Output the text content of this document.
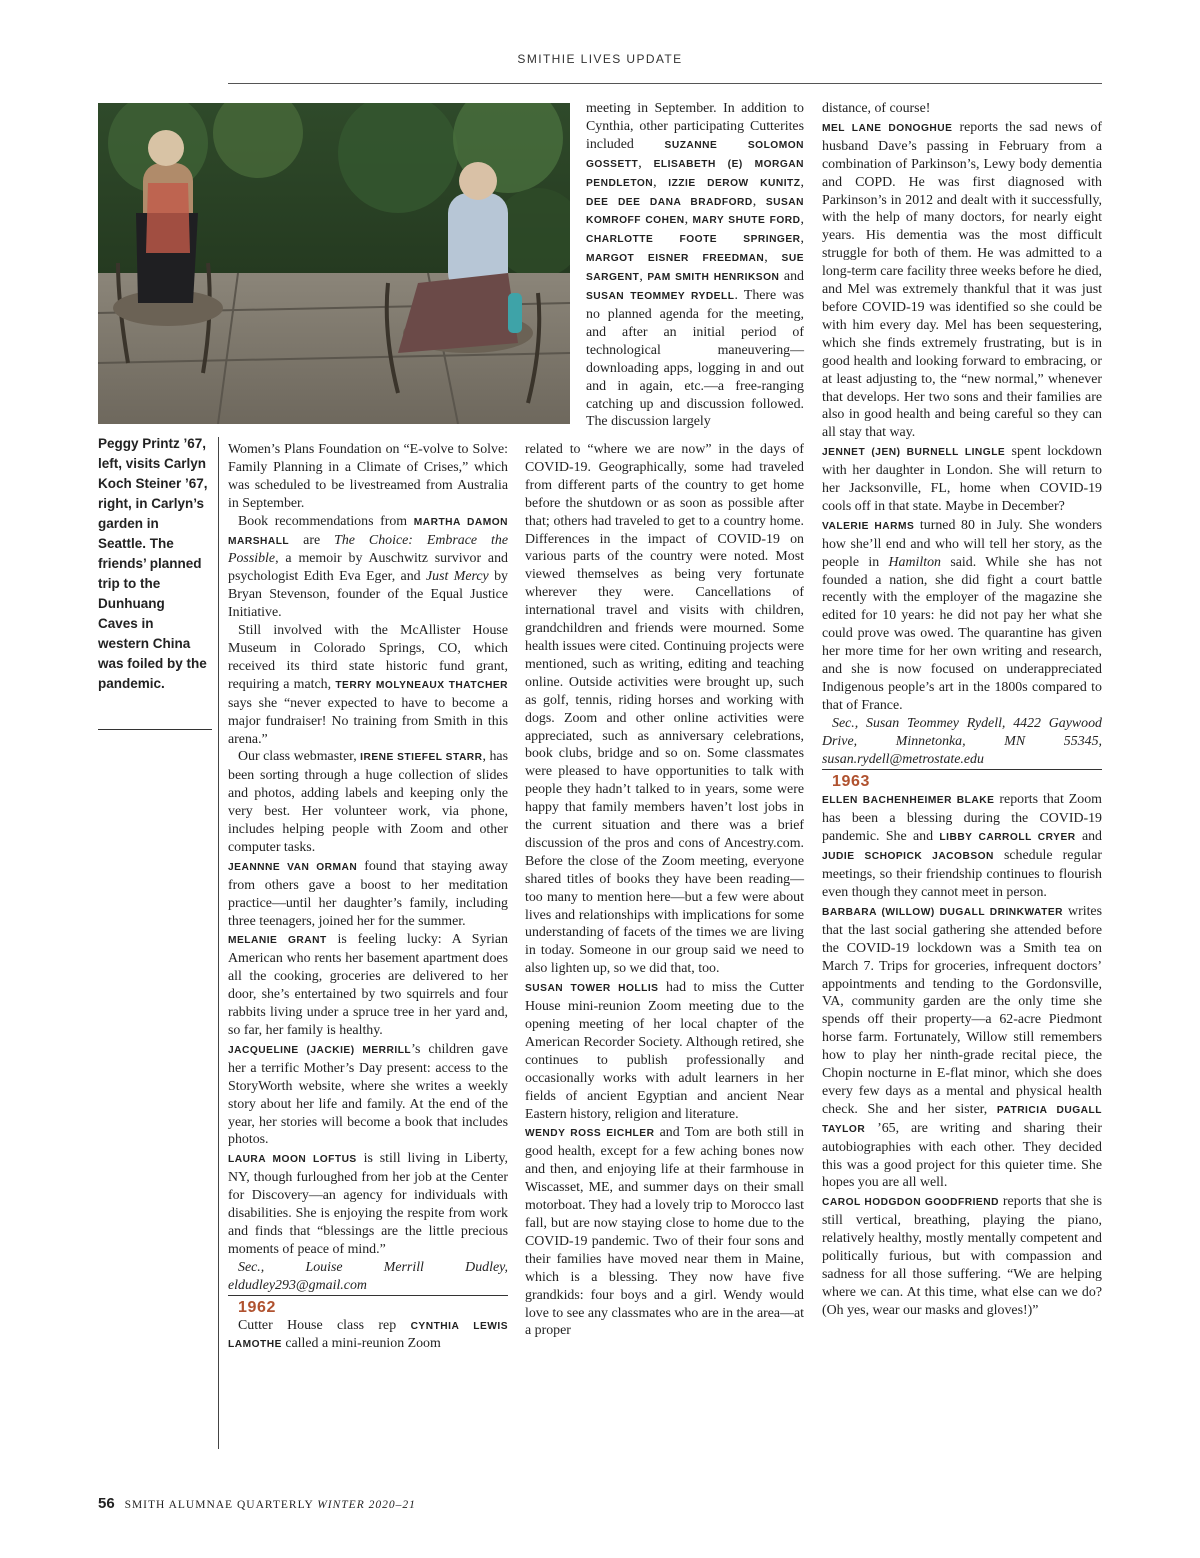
SMITHIE LIVES UPDATE
Peggy Printz ’67, left, visits Carlyn Koch Steiner ’67, right, in Carlyn’s garden in Seattle. The friends’ planned trip to the Dunhuang Caves in western China was foiled by the pandemic.

Women’s Plans Foundation on “E-volve to Solve: Family Planning in a Climate of Crises,” which was scheduled to be livestreamed from Australia in September.

Book recommendations from MARTHA DAMON MARSHALL are The Choice: Embrace the Possible, a memoir by Auschwitz survivor and psychologist Edith Eva Eger, and Just Mercy by Bryan Stevenson, founder of the Equal Justice Initiative.

Still involved with the McAllister House Museum in Colorado Springs, CO, which received its third state historic fund grant, requiring a match, TERRY MOLYNEAUX THATCHER says she “never expected to have to become a major fundraiser! No training from Smith in this arena.”

Our class webmaster, IRENE STIEFEL STARR, has been sorting through a huge collection of slides and photos, adding labels and keeping only the very best. Her volunteer work, via phone, includes helping people with Zoom and other computer tasks.

JEANNNE VAN ORMAN found that staying away from others gave a boost to her meditation practice—until her daughter’s family, including three teenagers, joined her for the summer.

MELANIE GRANT is feeling lucky: A Syrian American who rents her basement apartment does all the cooking, groceries are delivered to her door, she’s entertained by two squirrels and four rabbits living under a spruce tree in her yard and, so far, her family is healthy.

JACQUELINE (JACKIE) MERRILL’s children gave her a terrific Mother’s Day present: access to the StoryWorth website, where she writes a weekly story about her life and family. At the end of the year, her stories will become a book that includes photos.

LAURA MOON LOFTUS is still living in Liberty, NY, though furloughed from her job at the Center for Discovery—an agency for individuals with disabilities. She is enjoying the respite from work and finds that “blessings are the little precious moments of peace of mind.”

Sec., Louise Merrill Dudley, eldudley293@gmail.com

1962

Cutter House class rep CYNTHIA LEWIS LAMOTHE called a mini-reunion Zoom

meeting in September. In addition to Cynthia, other participating Cutterites included SUZANNE SOLOMON GOSSETT, ELISABETH (E) MORGAN PENDLETON, IZZIE DEROW KUNITZ, DEE DEE DANA BRADFORD, SUSAN KOMROFF COHEN, MARY SHUTE FORD, CHARLOTTE FOOTE SPRINGER, MARGOT EISNER FREEDMAN, SUE SARGENT, PAM SMITH HENRIKSON and SUSAN TEOMMEY RYDELL. There was no planned agenda for the meeting, and after an initial period of technological maneuvering—downloading apps, logging in and out and in again, etc.—a free-ranging catching up and discussion followed. The discussion largely

related to “where we are now” in the days of COVID-19. Geographically, some had traveled from different parts of the country to get home before the shutdown or as soon as possible after that; others had traveled to get to a country home. Differences in the impact of COVID-19 on various parts of the country were noted. Most viewed themselves as being very fortunate wherever they were. Cancellations of international travel and visits with children, grandchildren and friends were mourned. Some health issues were cited. Continuing projects were mentioned, such as writing, editing and teaching online. Outside activities were brought up, such as golf, tennis, riding horses and working with dogs. Zoom and other online activities were appreciated, such as anniversary celebrations, book clubs, bridge and so on. Some classmates were pleased to have opportunities to talk with people they hadn’t talked to in years, some were happy that family members haven’t lost jobs in the current situation and there was a brief discussion of the pros and cons of Ancestry.com. Before the close of the Zoom meeting, everyone shared titles of books they have been reading—too many to mention here—but a few were about lives and relationships with implications for some understanding of facets of the times we are living in today. Someone in our group said we need to also lighten up, so we did that, too.

SUSAN TOWER HOLLIS had to miss the Cutter House mini-reunion Zoom meeting due to the opening meeting of her local chapter of the American Recorder Society. Although retired, she continues to publish professionally and occasionally works with adult learners in her fields of ancient Egyptian and ancient Near Eastern history, religion and literature.

WENDY ROSS EICHLER and Tom are both still in good health, except for a few aching bones now and then, and enjoying life at their farmhouse in Wiscasset, ME, and summer days on their small motorboat. They had a lovely trip to Morocco last fall, but are now staying close to home due to the COVID-19 pandemic. Two of their four sons and their families have moved near them in Maine, which is a blessing. They now have five grandkids: four boys and a girl. Wendy would love to see any classmates who are in the area—at a proper

distance, of course!

MEL LANE DONOGHUE reports the sad news of husband Dave’s passing in February from a combination of Parkinson’s, Lewy body dementia and COPD. He was first diagnosed with Parkinson’s in 2012 and dealt with it successfully, with the help of many doctors, for nearly eight years. His dementia was the most difficult struggle for both of them. He was admitted to a long-term care facility three weeks before he died, and Mel was extremely thankful that it was just before COVID-19 was identified so she could be with him every day. Mel has been sequestering, which she finds extremely frustrating, but is in good health and looking forward to embracing, or at least adjusting to, the “new normal,” whenever that develops. Her two sons and their families are also in good health and being careful so they can all stay that way.

JENNET (JEN) BURNELL LINGLE spent lockdown with her daughter in London. She will return to her Jacksonville, FL, home when COVID-19 cools off in that state. Maybe in December?

VALERIE HARMS turned 80 in July. She wonders how she’ll end and who will tell her story, as the people in Hamilton said. While she has not founded a nation, she did fight a court battle recently with the employer of the magazine she edited for 10 years: he did not pay her what she could prove was owed. The quarantine has given her more time for her own writing and research, and she is now focused on underappreciated Indigenous people’s art in the 1800s compared to that of France.

Sec., Susan Teommey Rydell, 4422 Gaywood Drive, Minnetonka, MN 55345, susan.rydell@metrostate.edu

1963

ELLEN BACHENHEIMER BLAKE reports that Zoom has been a blessing during the COVID-19 pandemic. She and LIBBY CARROLL CRYER and JUDIE SCHOPICK JACOBSON schedule regular meetings, so their friendship continues to flourish even though they cannot meet in person.

BARBARA (WILLOW) DUGALL DRINKWATER writes that the last social gathering she attended before the COVID-19 lockdown was a Smith tea on March 7. Trips for groceries, infrequent doctors’ appointments and tending to the Gordonsville, VA, community garden are the only time she spends off their property—a 62-acre Piedmont horse farm. Fortunately, Willow still remembers how to play her ninth-grade recital piece, the Chopin nocturne in E-flat minor, which she does every few days as a mental and physical health check. She and her sister, PATRICIA DUGALL TAYLOR ’65, are writing and sharing their autobiographies with each other. They decided this was a good project for this quieter time. She hopes you are all well.

CAROL HODGDON GOODFRIEND reports that she is still vertical, breathing, playing the piano, relatively healthy, mostly mentally competent and politically furious, but with compassion and sadness for all those suffering. “We are helping where we can. At this time, what else can we do? (Oh yes, wear our masks and gloves!)”

56 SMITH ALUMNAE QUARTERLY WINTER 2020–21
